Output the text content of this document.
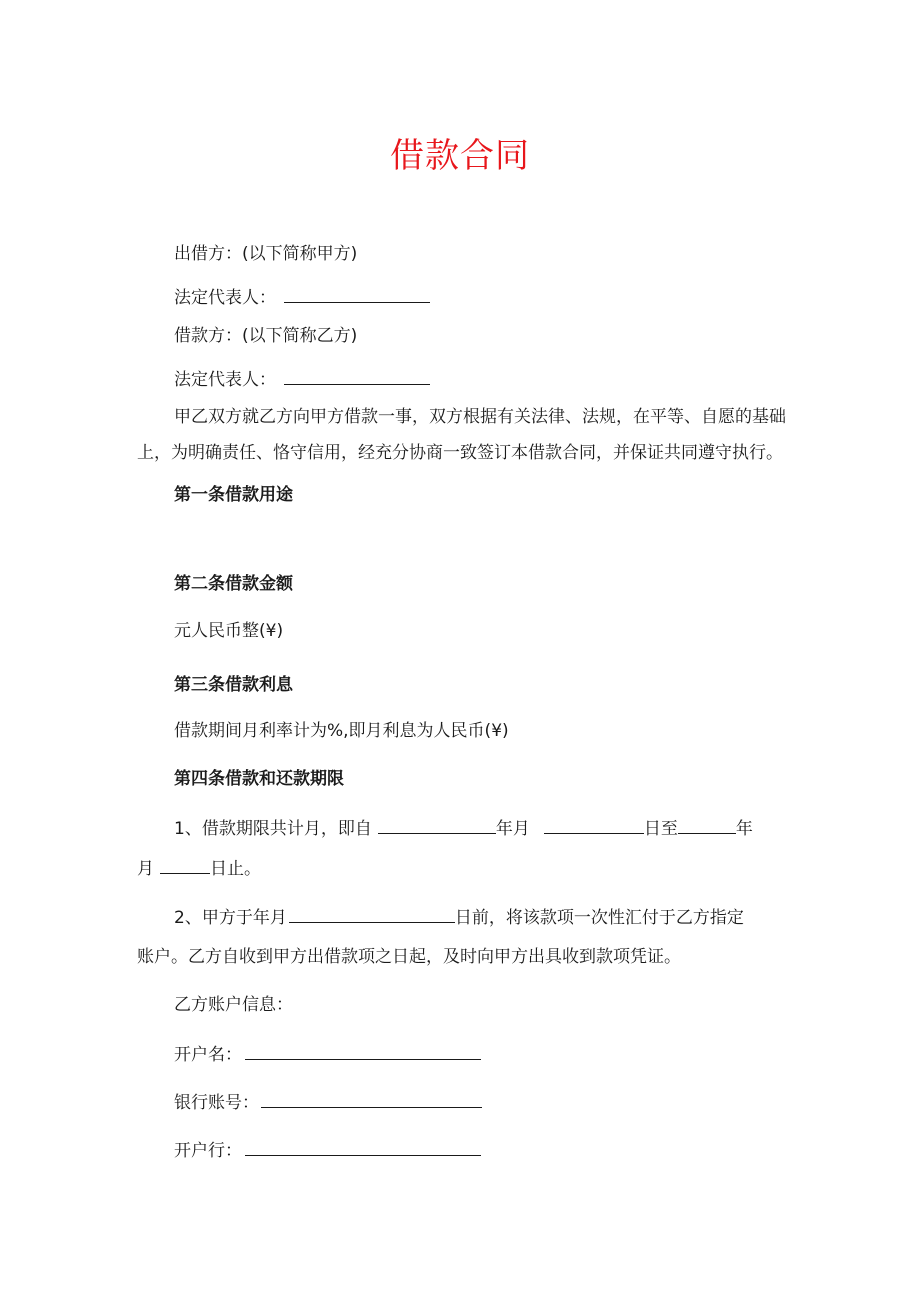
借款合同
出借方：(以下简称甲方)
法定代表人：
借款方：(以下简称乙方)
法定代表人：
甲乙双方就乙方向甲方借款一事，双方根据有关法律、法规，在平等、自愿的基础
上，为明确责任、恪守信用，经充分协商一致签订本借款合同，并保证共同遵守执行。
第一条借款用途
第二条借款金额
元人民币整(¥)
第三条借款利息
借款期间月利率计为%,即月利息为人民币(¥)
第四条借款和还款期限
1、借款期限共计月，即自	年月	日至	年
月	日止。
2、甲方于年月	日前，将该款项一次性汇付于乙方指定
账户。乙方自收到甲方出借款项之日起，及时向甲方出具收到款项凭证。
乙方账户信息：
开户名：
银行账号：
开户行：
